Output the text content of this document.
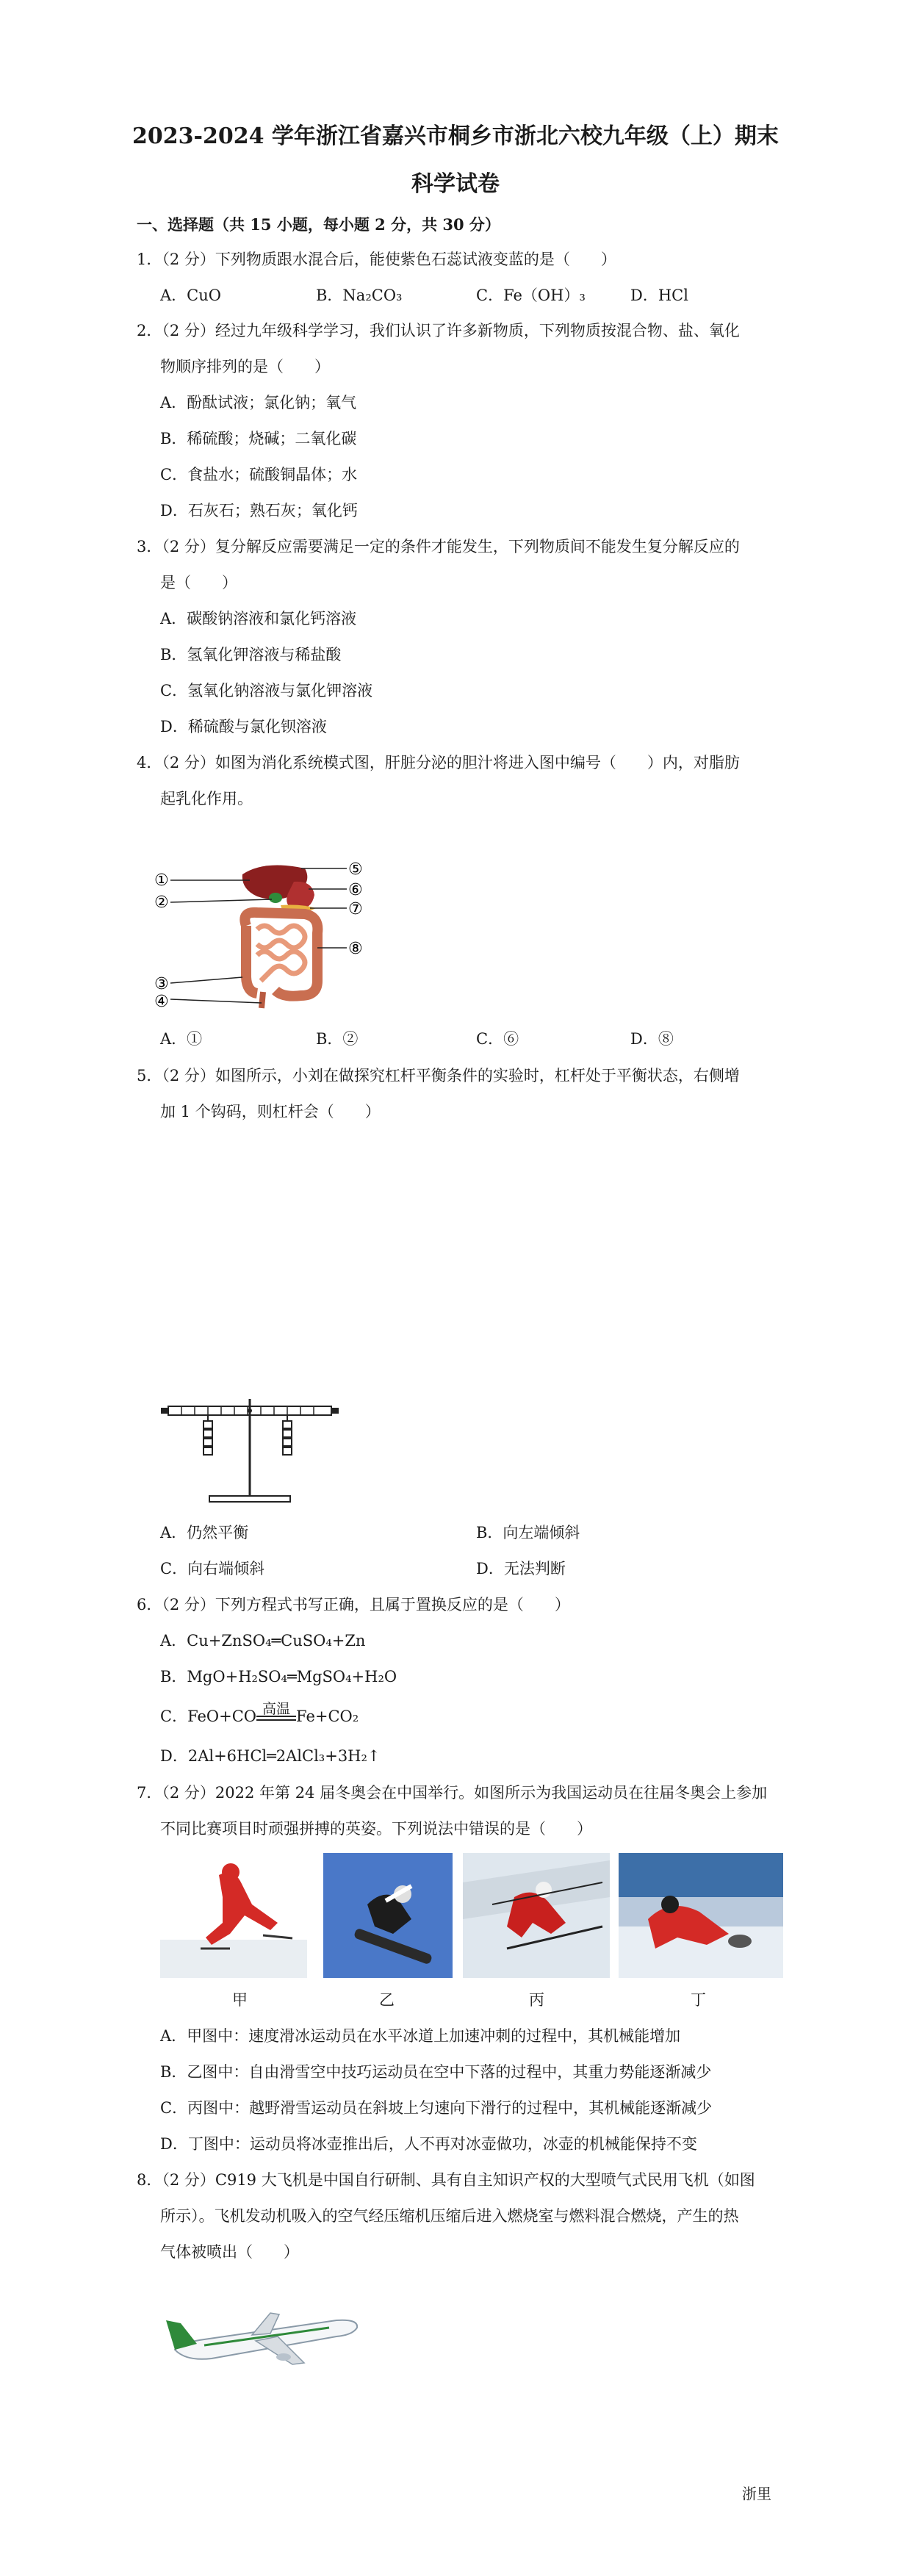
2023-2024 学年浙江省嘉兴市桐乡市浙北六校九年级（上）期末
科学试卷
一、选择题（共 15 小题，每小题 2 分，共 30 分）
1．（2 分）下列物质跟水混合后，能使紫色石蕊试液变蓝的是（　　）
A．CuO	B．Na₂CO₃	C．Fe（OH）₃	D．HCl
2．（2 分）经过九年级科学学习，我们认识了许多新物质，下列物质按混合物、盐、氧化
物顺序排列的是（　　）
A．酚酞试液；氯化钠；氧气
B．稀硫酸；烧碱；二氧化碳
C．食盐水；硫酸铜晶体；水
D．石灰石；熟石灰；氧化钙
3．（2 分）复分解反应需要满足一定的条件才能发生，下列物质间不能发生复分解反应的
是（　　）
A．碳酸钠溶液和氯化钙溶液
B．氢氧化钾溶液与稀盐酸
C．氢氧化钠溶液与氯化钾溶液
D．稀硫酸与氯化钡溶液
4．（2 分）如图为消化系统模式图，肝脏分泌的胆汁将进入图中编号（　　）内，对脂肪
起乳化作用。
①
②
③
④
⑤
⑥
⑦
⑧
A．①	B．②	C．⑥	D．⑧
5．（2 分）如图所示，小刘在做探究杠杆平衡条件的实验时，杠杆处于平衡状态，右侧增
加 1 个钩码，则杠杆会（　　）
A．仍然平衡	B．向左端倾斜
C．向右端倾斜	D．无法判断
6．（2 分）下列方程式书写正确，且属于置换反应的是（　　）
A．Cu+ZnSO₄═CuSO₄+Zn
B．MgO+H₂SO₄═MgSO₄+H₂O
C．FeO+CO 高温 Fe+CO₂
D．2Al+6HCl═2AlCl₃+3H₂↑
7．（2 分）2022 年第 24 届冬奥会在中国举行。如图所示为我国运动员在往届冬奥会上参加
不同比赛项目时顽强拼搏的英姿。下列说法中错误的是（　　）
甲	乙	丙	丁
A．甲图中：速度滑冰运动员在水平冰道上加速冲刺的过程中，其机械能增加
B．乙图中：自由滑雪空中技巧运动员在空中下落的过程中，其重力势能逐渐减少
C．丙图中：越野滑雪运动员在斜坡上匀速向下滑行的过程中，其机械能逐渐减少
D．丁图中：运动员将冰壶推出后，人不再对冰壶做功，冰壶的机械能保持不变
8．（2 分）C919 大飞机是中国自行研制、具有自主知识产权的大型喷气式民用飞机（如图
所示）。飞机发动机吸入的空气经压缩机压缩后进入燃烧室与燃料混合燃烧，产生的热
气体被喷出（　　）
浙里
